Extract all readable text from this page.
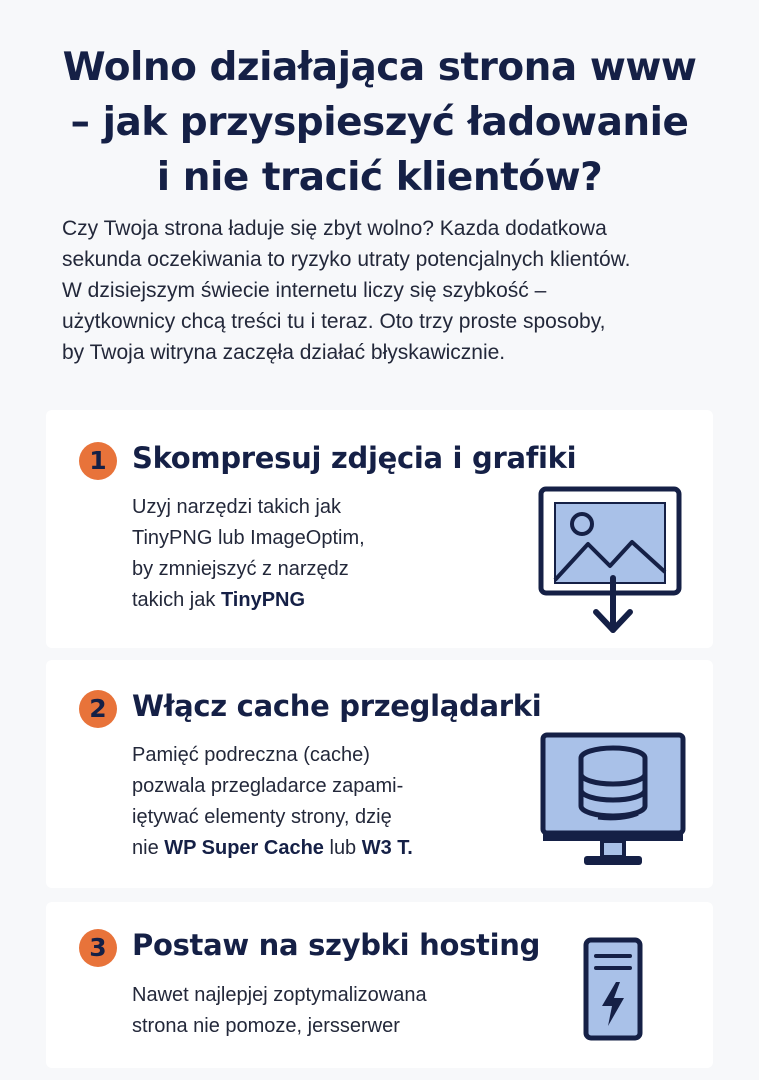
Wolno działająca strona www
– jak przyspieszyć ładowanie
i nie tracić klientów?

Czy Twoja strona ładuje się zbyt wolno? Kazda dodatkowa
sekunda oczekiwania to ryzyko utraty potencjalnych klientów.
W dzisiejszym świecie internetu liczy się szybkość –
użytkownicy chcą treści tu i teraz. Oto trzy proste sposoby,
by Twoja witryna zaczęła działać błyskawicznie.

1 Skompresuj zdjęcia i grafiki

Uzyj narzędzi takich jak
TinyPNG lub ImageOptim,
by zmniejszyć z narzędz
takich jak TinyPNG

2 Włącz cache przeglądarki

Pamięć podreczna (cache)
pozwala przegladarce zapami-
iętywać elementy strony, dzię
nie WP Super Cache lub W3 T.

3 Postaw na szybki hosting

Nawet najlepjej zoptymalizowana
strona nie pomoze, jersserwer
